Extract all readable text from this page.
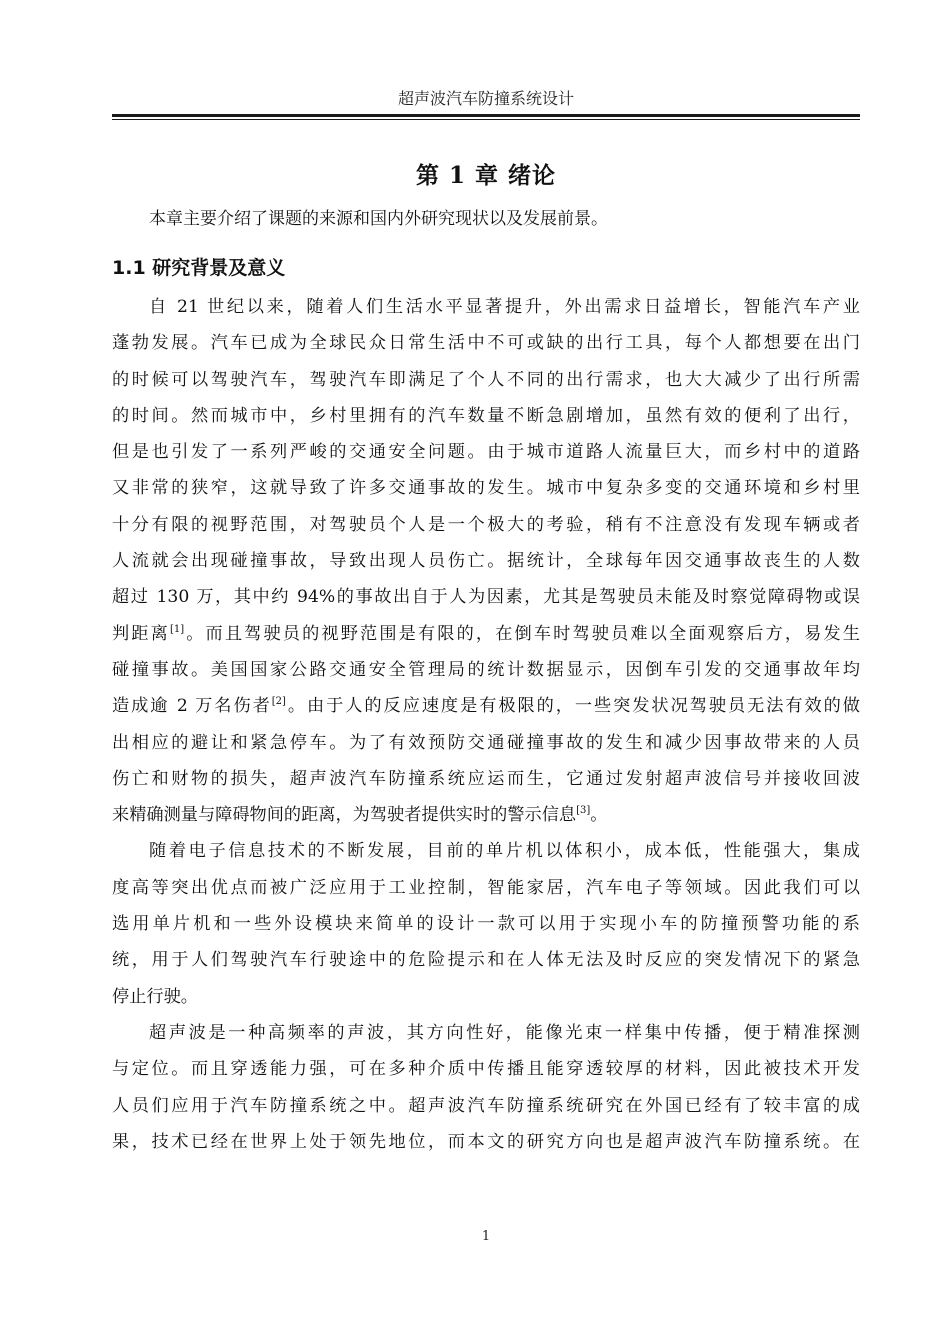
超声波汽车防撞系统设计
第 1 章 绪论
本章主要介绍了课题的来源和国内外研究现状以及发展前景。
1.1 研究背景及意义
自 21 世纪以来，随着人们生活水平显著提升，外出需求日益增长，智能汽车产业
蓬勃发展。汽车已成为全球民众日常生活中不可或缺的出行工具，每个人都想要在出门
的时候可以驾驶汽车，驾驶汽车即满足了个人不同的出行需求，也大大减少了出行所需
的时间。然而城市中，乡村里拥有的汽车数量不断急剧增加，虽然有效的便利了出行，
但是也引发了一系列严峻的交通安全问题。由于城市道路人流量巨大，而乡村中的道路
又非常的狭窄，这就导致了许多交通事故的发生。城市中复杂多变的交通环境和乡村里
十分有限的视野范围，对驾驶员个人是一个极大的考验，稍有不注意没有发现车辆或者
人流就会出现碰撞事故，导致出现人员伤亡。据统计，全球每年因交通事故丧生的人数
超过 130 万，其中约 94%的事故出自于人为因素，尤其是驾驶员未能及时察觉障碍物或误
判距离[1]。而且驾驶员的视野范围是有限的，在倒车时驾驶员难以全面观察后方，易发生
碰撞事故。美国国家公路交通安全管理局的统计数据显示，因倒车引发的交通事故年均
造成逾 2 万名伤者[2]。由于人的反应速度是有极限的，一些突发状况驾驶员无法有效的做
出相应的避让和紧急停车。为了有效预防交通碰撞事故的发生和减少因事故带来的人员
伤亡和财物的损失，超声波汽车防撞系统应运而生，它通过发射超声波信号并接收回波
来精确测量与障碍物间的距离，为驾驶者提供实时的警示信息[3]。
随着电子信息技术的不断发展，目前的单片机以体积小，成本低，性能强大，集成
度高等突出优点而被广泛应用于工业控制，智能家居，汽车电子等领域。因此我们可以
选用单片机和一些外设模块来简单的设计一款可以用于实现小车的防撞预警功能的系
统，用于人们驾驶汽车行驶途中的危险提示和在人体无法及时反应的突发情况下的紧急
停止行驶。
超声波是一种高频率的声波，其方向性好，能像光束一样集中传播，便于精准探测
与定位。而且穿透能力强，可在多种介质中传播且能穿透较厚的材料，因此被技术开发
人员们应用于汽车防撞系统之中。超声波汽车防撞系统研究在外国已经有了较丰富的成
果，技术已经在世界上处于领先地位，而本文的研究方向也是超声波汽车防撞系统。在
1
